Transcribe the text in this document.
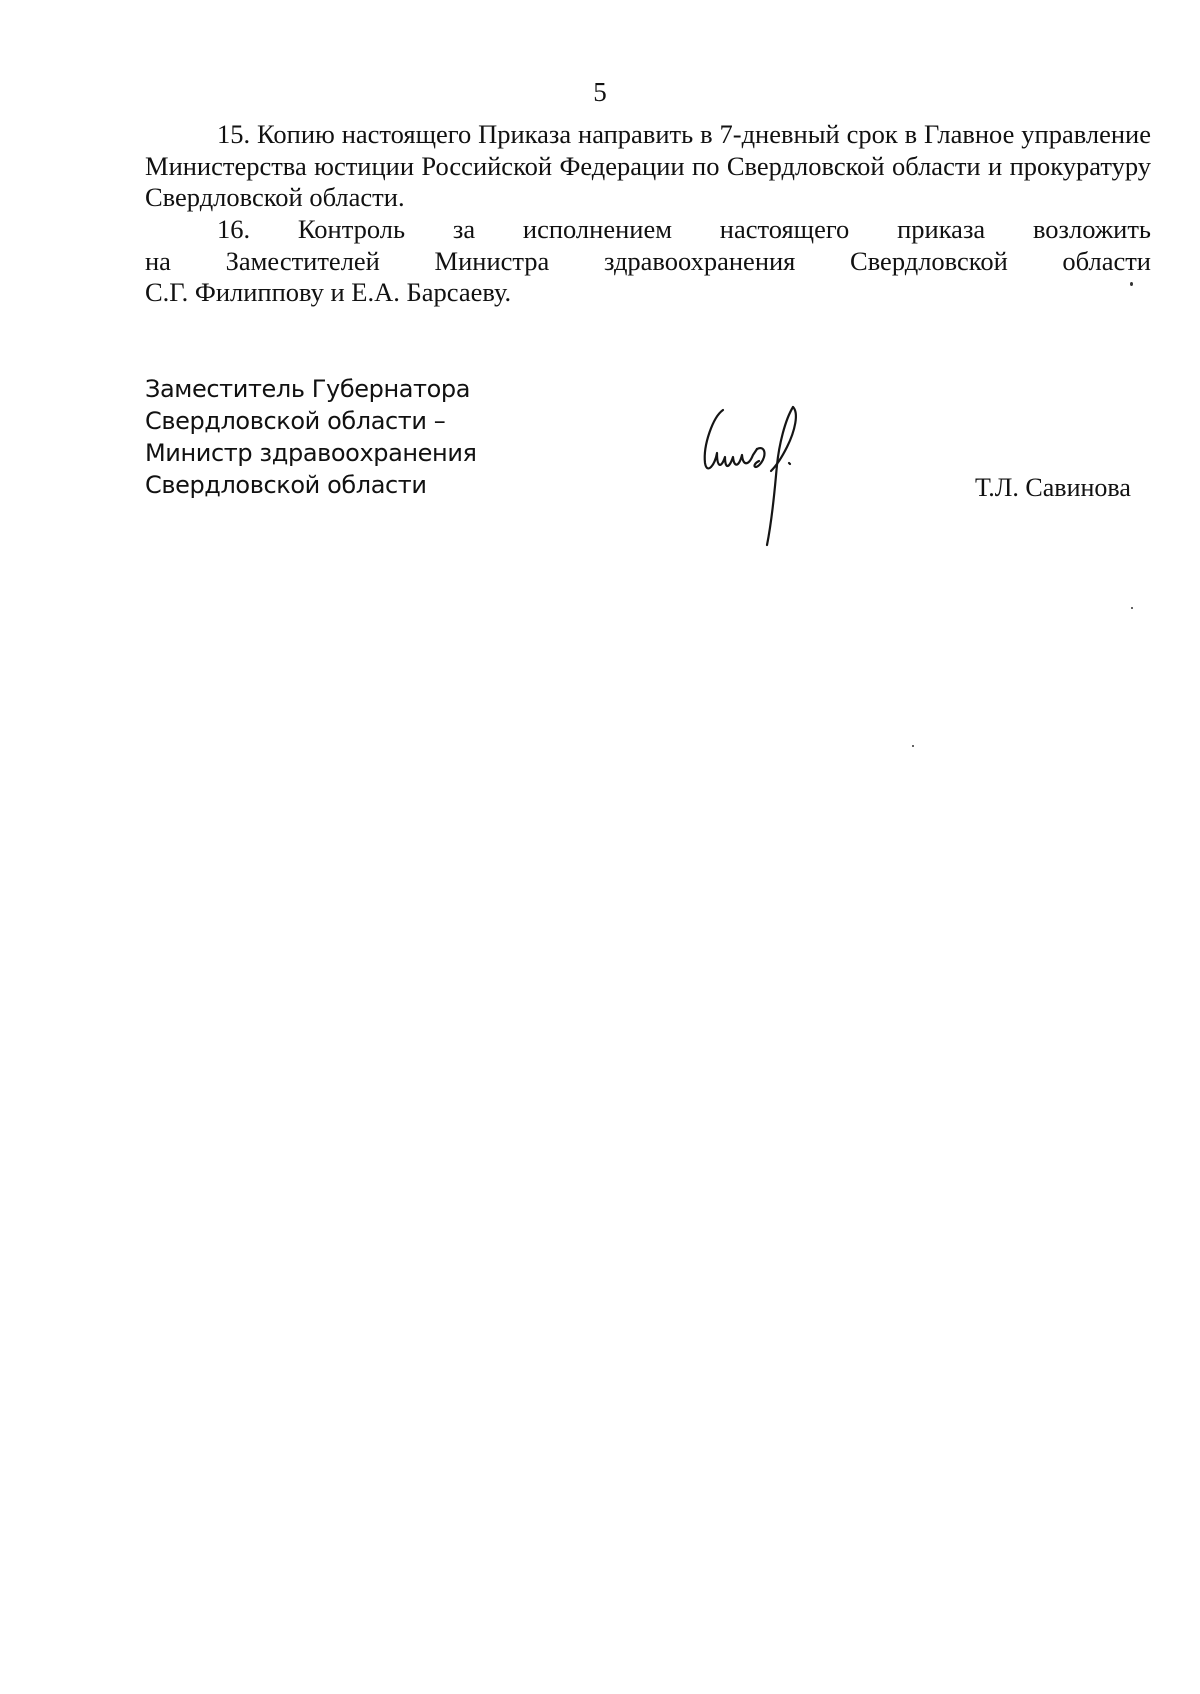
5

15. Копию настоящего Приказа направить в 7-дневный срок в Главное управление Министерства юстиции Российской Федерации по Свердловской области и прокуратуру Свердловской области.

16. Контроль за исполнением настоящего приказа возложить
на Заместителей Министра здравоохранения Свердловской области
С.Г. Филиппову и Е.А. Барсаеву.
Заместитель Губернатора
Свердловской области –
Министр здравоохранения
Свердловской области	Т.Л. Савинова
